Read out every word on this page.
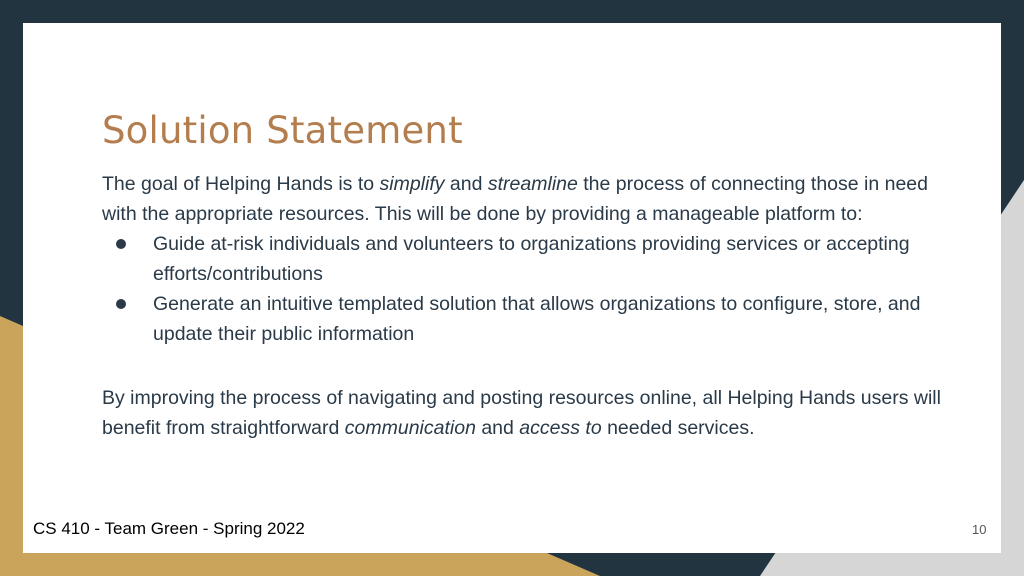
Solution Statement

The goal of Helping Hands is to simplify and streamline the process of connecting those in need with the appropriate resources. This will be done by providing a manageable platform to:

Guide at-risk individuals and volunteers to organizations providing services or accepting efforts/contributions
Generate an intuitive templated solution that allows organizations to configure, store, and update their public information

By improving the process of navigating and posting resources online, all Helping Hands users will benefit from straightforward communication and access to needed services.

CS 410 - Team Green - Spring 2022	10
